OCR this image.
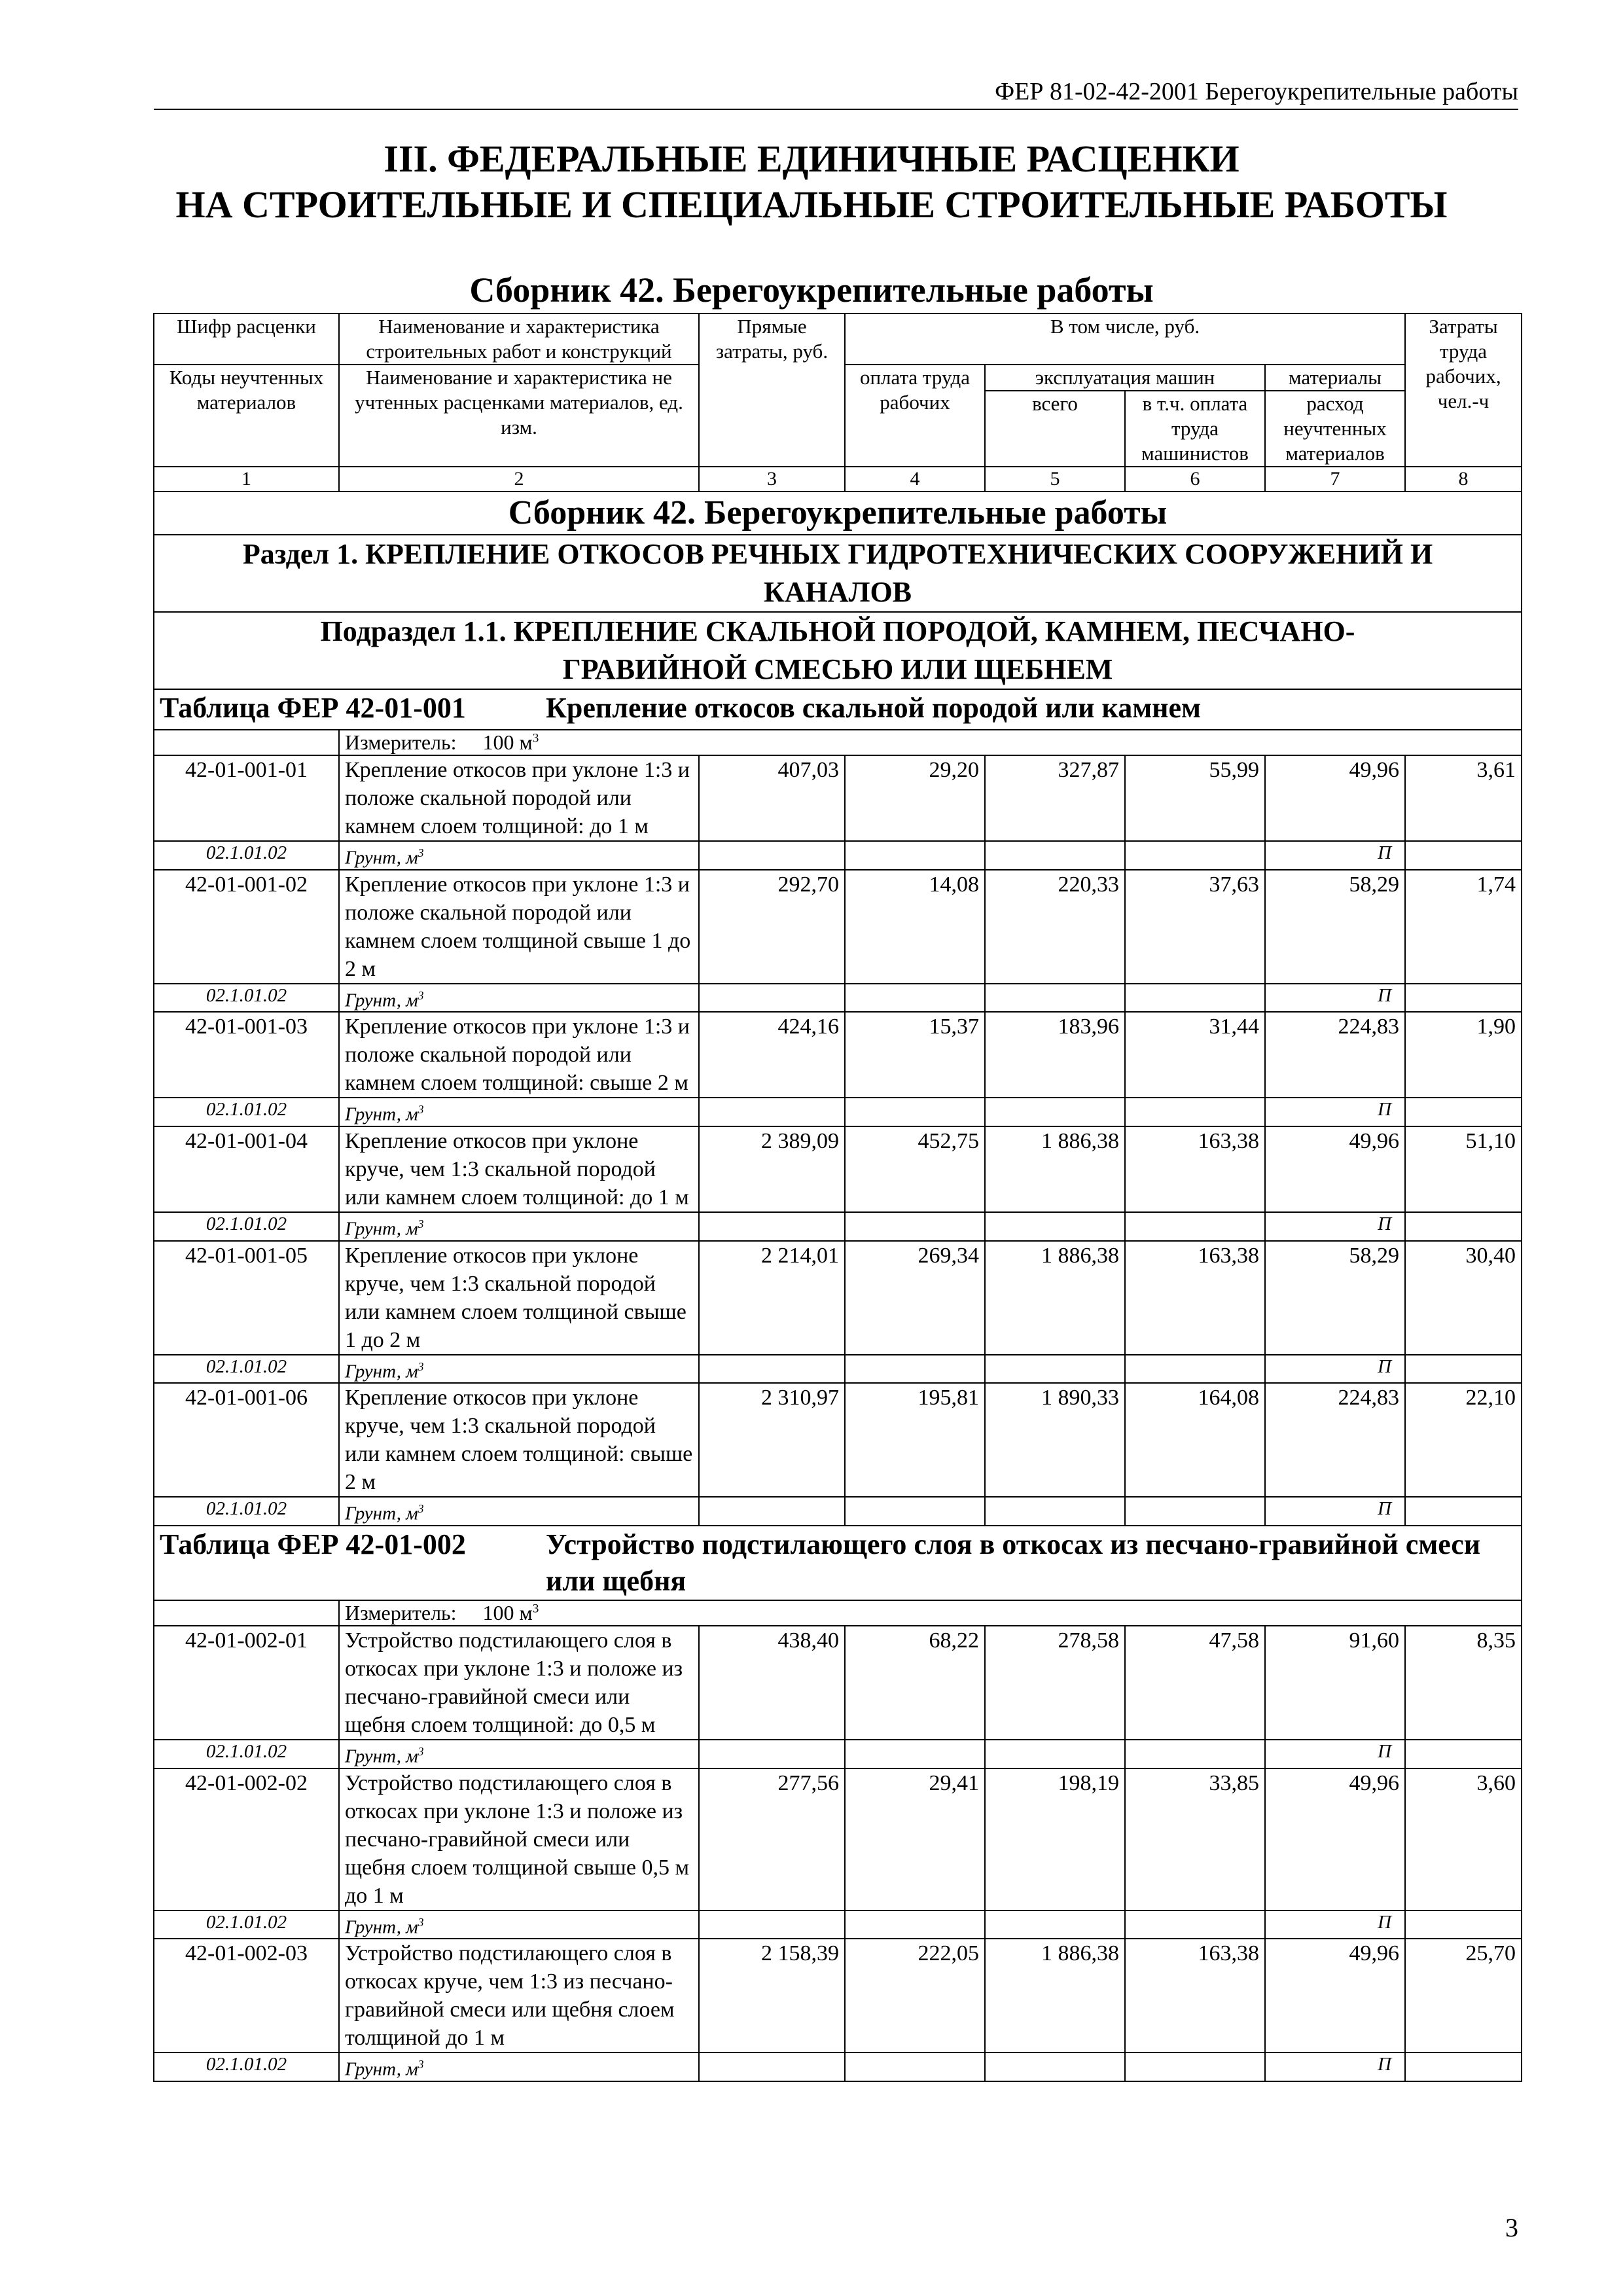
ФЕР 81-02-42-2001 Берегоукрепительные работы
III. ФЕДЕРАЛЬНЫЕ ЕДИНИЧНЫЕ РАСЦЕНКИ
НА СТРОИТЕЛЬНЫЕ И СПЕЦИАЛЬНЫЕ СТРОИТЕЛЬНЫЕ РАБОТЫ
Сборник 42. Берегоукрепительные работы
Шифр расценки	Наименование и характеристика строительных работ и конструкций	Прямые затраты, руб.	В том числе, руб.				Затраты труда рабочих, чел.-ч
Коды неучтенных материалов	Наименование и характеристика не учтенных расценками материалов, ед. изм.		оплата труда рабочих	эксплуатация машин		материалы	
				всего	в т.ч. оплата труда машинистов	расход неучтенных материалов	
1	2	3	4	5	6	7	8
Сборник 42. Берегоукрепительные работы							
Раздел 1. КРЕПЛЕНИЕ ОТКОСОВ РЕЧНЫХ ГИДРОТЕХНИЧЕСКИХ СООРУЖЕНИЙ И КАНАЛОВ							
Подраздел 1.1. КРЕПЛЕНИЕ СКАЛЬНОЙ ПОРОДОЙ, КАМНЕМ, ПЕСЧАНО-ГРАВИЙНОЙ СМЕСЬЮ ИЛИ ЩЕБНЕМ							
Таблица ФЕР 42-01-001 Крепление откосов скальной породой или камнем							
	Измеритель: 100 $м^3$
42-01-001-01	Крепление откосов при уклоне 1:3 и положе скальной породой или камнем слоем толщиной: до 1 м	407,03	29,20	327,87	55,99	49,96	3,61
02.1.01.02	Грунт, $м^3$					П	
42-01-001-02	Крепление откосов при уклоне 1:3 и положе скальной породой или камнем слоем толщиной свыше 1 до 2 м	292,70	14,08	220,33	37,63	58,29	1,74
02.1.01.02	Грунт, $м^3$					П	
42-01-001-03	Крепление откосов при уклоне 1:3 и положе скальной породой или камнем слоем толщиной: свыше 2 м	424,16	15,37	183,96	31,44	224,83	1,90
02.1.01.02	Грунт, $м^3$					П	
42-01-001-04	Крепление откосов при уклоне круче, чем 1:3 скальной породой или камнем слоем толщиной: до 1 м	2 389,09	452,75	1 886,38	163,38	49,96	51,10
02.1.01.02	Грунт, $м^3$					П	
42-01-001-05	Крепление откосов при уклоне круче, чем 1:3 скальной породой или камнем слоем толщиной свыше 1 до 2 м	2 214,01	269,34	1 886,38	163,38	58,29	30,40
02.1.01.02	Грунт, $м^3$					П	
42-01-001-06	Крепление откосов при уклоне круче, чем 1:3 скальной породой или камнем слоем толщиной: свыше 2 м	2 310,97	195,81	1 890,33	164,08	224,83	22,10
02.1.01.02	Грунт, $м^3$					П	
Таблица ФЕР 42-01-002 Устройство подстилающего слоя в откосах из песчано-гравийной смеси или щебня							
	Измеритель: 100 $м^3$
42-01-002-01	Устройство подстилающего слоя в откосах при уклоне 1:3 и положе из песчано-гравийной смеси или щебня слоем толщиной: до 0,5 м	438,40	68,22	278,58	47,58	91,60	8,35
02.1.01.02	Грунт, $м^3$					П	
42-01-002-02	Устройство подстилающего слоя в откосах при уклоне 1:3 и положе из песчано-гравийной смеси или щебня слоем толщиной свыше 0,5 м до 1 м	277,56	29,41	198,19	33,85	49,96	3,60
02.1.01.02	Грунт, $м^3$					П	
42-01-002-03	Устройство подстилающего слоя в откосах круче, чем 1:3 из песчано-гравийной смеси или щебня слоем толщиной до 1 м	2 158,39	222,05	1 886,38	163,38	49,96	25,70
02.1.01.02	Грунт, $м^3$					П	
3
